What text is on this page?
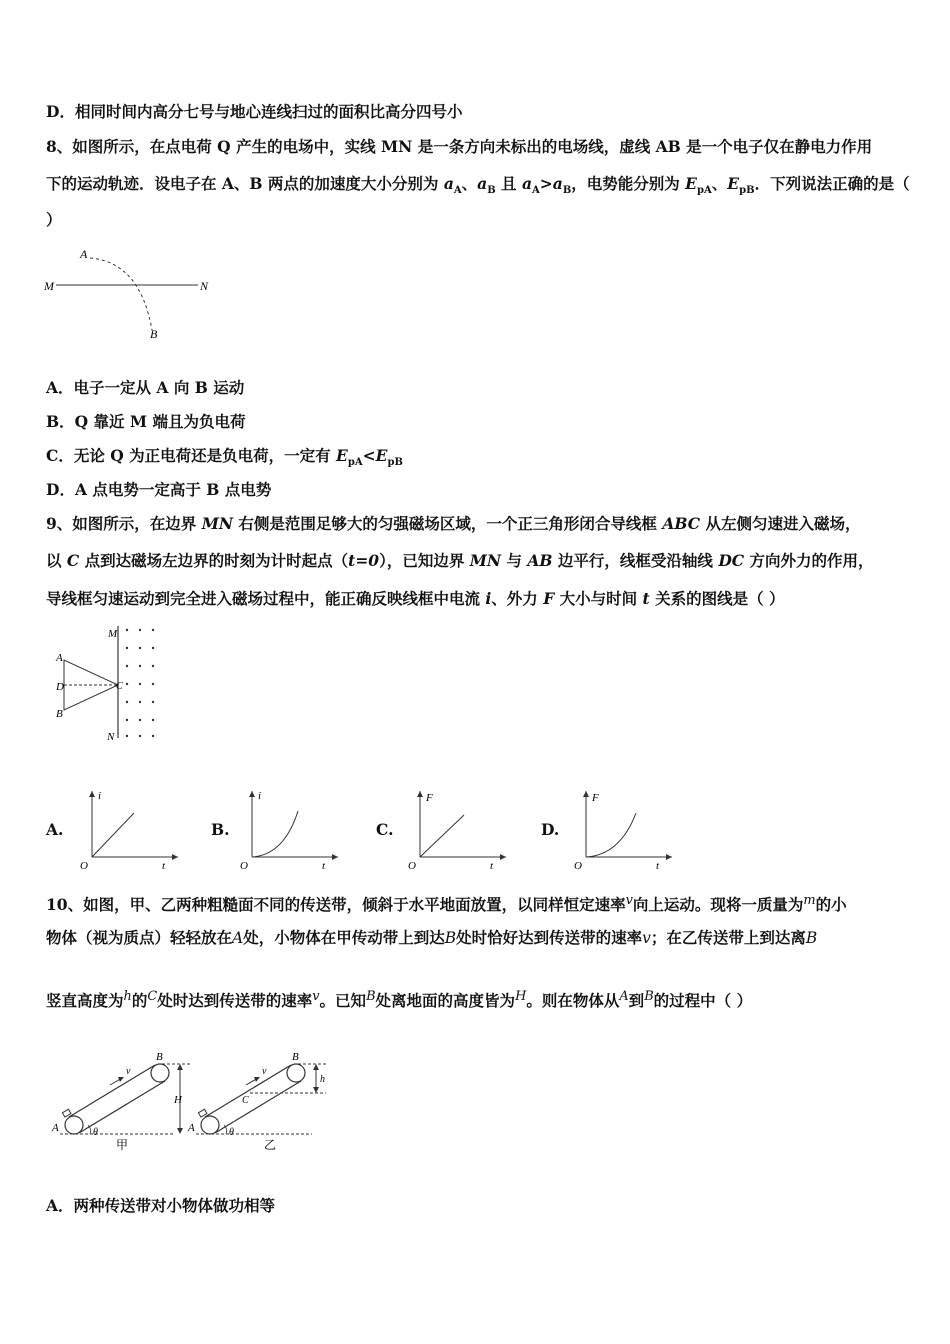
D．相同时间内高分七号与地心连线扫过的面积比高分四号小
8、如图所示，在点电荷 Q 产生的电场中，实线 MN 是一条方向未标出的电场线，虚线 AB 是一个电子仅在静电力作用
下的运动轨迹．设电子在 A、B 两点的加速度大小分别为 $a_A$、$a_B$ 且 $a_A>a_B$，电势能分别为 $E_{pA}$、$E_{pB}$．下列说法正确的是（
）
A
M	N
B
A．电子一定从 A 向 B 运动
B．Q 靠近 M 端且为负电荷
C．无论 Q 为正电荷还是负电荷，一定有 $E_{pA}<E_{pB}$
D．A 点电势一定高于 B 点电势
9、如图所示，在边界 MN 右侧是范围足够大的匀强磁场区域，一个正三角形闭合导线框 ABC 从左侧匀速进入磁场，
以 C 点到达磁场左边界的时刻为计时起点（t=0），已知边界 MN 与 AB 边平行，线框受沿轴线 DC 方向外力的作用，
导线框匀速运动到完全进入磁场过程中，能正确反映线框中电流 i、外力 F 大小与时间 t 关系的图线是（ ）
M
N
A
B
D	C
A.
i
t
O
B.
i
t
O
C.
F
t
O
D.
F
t
O
10、如图，甲、乙两种粗糙面不同的传送带，倾斜于水平地面放置，以同样恒定速率$^v$向上运动。现将一质量为$^m$的小
物体（视为质点）轻轻放在A处，小物体在甲传动带上到达B处时恰好达到传送带的速率v；在乙传送带上到达离B
竖直高度为$^h$的$^C$处时达到传送带的速率$^v$。已知$^B$处离地面的高度皆为$^H$。则在物体从$^A$到$^B$的过程中（ ）
A
B
v
H
θ
甲
A
B
v
C
h
θ
乙
A．两种传送带对小物体做功相等
